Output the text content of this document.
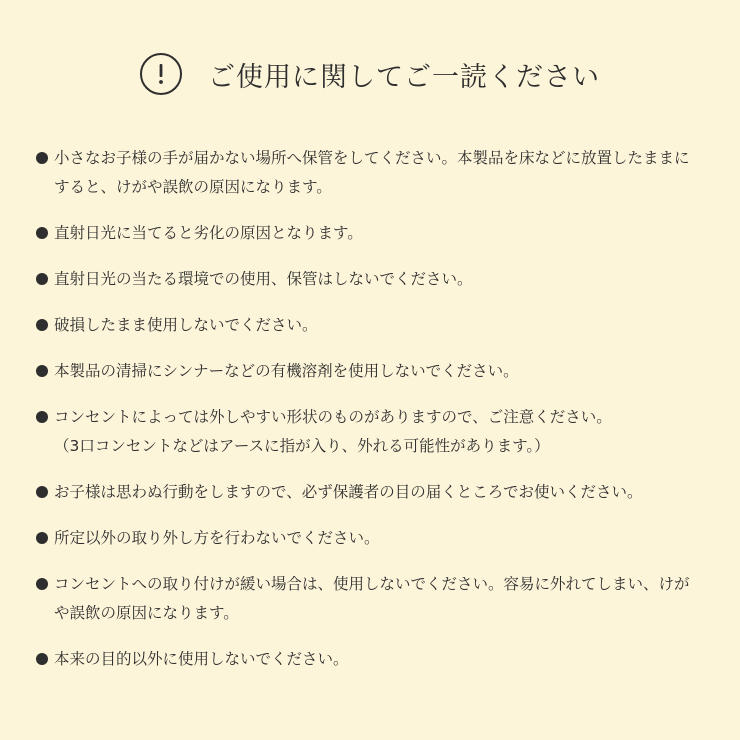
ご使用に関してご一読ください
小さなお子様の手が届かない場所へ保管をしてください。本製品を床などに放置したままにすると、けがや誤飲の原因になります。
直射日光に当てると劣化の原因となります。
直射日光の当たる環境での使用、保管はしないでください。
破損したまま使用しないでください。
本製品の清掃にシンナーなどの有機溶剤を使用しないでください。
コンセントによっては外しやすい形状のものがありますので、ご注意ください。
（3口コンセントなどはアースに指が入り、外れる可能性があります。）
お子様は思わぬ行動をしますので、必ず保護者の目の届くところでお使いください。
所定以外の取り外し方を行わないでください。
コンセントへの取り付けが緩い場合は、使用しないでください。容易に外れてしまい、けがや誤飲の原因になります。
本来の目的以外に使用しないでください。
